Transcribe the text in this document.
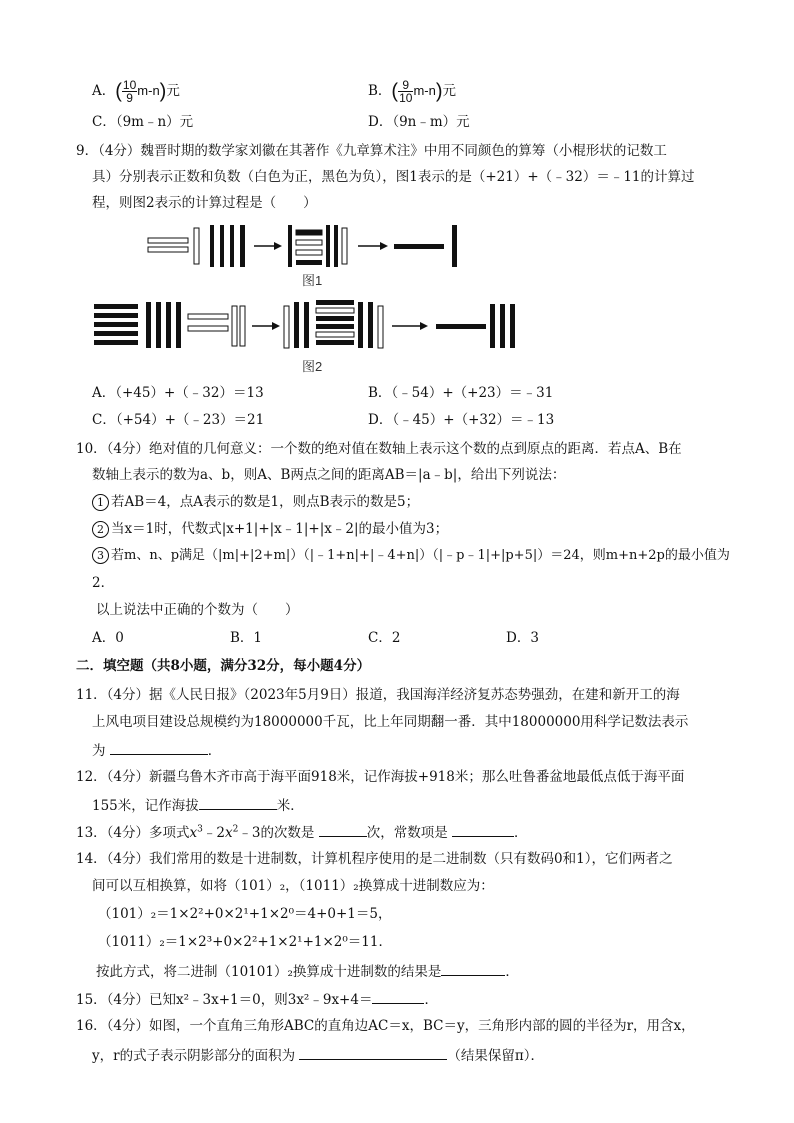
A．( $\frac{10}{9} m-n$)元	B．( $\frac{9}{10} m-n$)元
C．（9m﹣n）元	D．（9n﹣m）元
9．（4分）魏晋时期的数学家刘徽在其著作《九章算术注》中用不同颜色的算筹（小棍形状的记数工
具）分别表示正数和负数（白色为正，黑色为负），图1表示的是（+21）+（﹣32）＝﹣11的计算过
程，则图2表示的计算过程是（　　）
图1
图2
A．（+45）+（﹣32）＝13	B．（﹣54）+（+23）＝﹣31
C．（+54）+（﹣23）＝21	D．（﹣45）+（+32）＝﹣13
10．（4分）绝对值的几何意义：一个数的绝对值在数轴上表示这个数的点到原点的距离．若点A、B在
数轴上表示的数为a、b，则A、B两点之间的距离AB＝|a﹣b|，给出下列说法：
1 若AB＝4，点A表示的数是1，则点B表示的数是5；
2 当x＝1时，代数式|x+1|+|x﹣1|+|x﹣2|的最小值为3；
3 若m、n、p满足（|m|+|2+m|）（|﹣1+n|+|﹣4+n|）（|﹣p﹣1|+|p+5|）＝24，则m+n+2p的最小值为
2．
以上说法中正确的个数为（　　）
A．0	B．1	C．2	D．3
二．填空题（共8小题，满分32分，每小题4分）
11．（4分）据《人民日报》（2023年5月9日）报道，我国海洋经济复苏态势强劲，在建和新开工的海
上风电项目建设总规模约为18000000千瓦，比上年同期翻一番．其中18000000用科学记数法表示
为	．
12．（4分）新疆乌鲁木齐市高于海平面918米，记作海拔+918米；那么吐鲁番盆地最低点低于海平面
155米，记作海拔	米．
13．（4分）多项式$x^3﹣2x^2﹣3$的次数是	次，常数项是	．
14．（4分）我们常用的数是十进制数，计算机程序使用的是二进制数（只有数码0和1），它们两者之
间可以互相换算，如将（101）₂，（1011）₂换算成十进制数应为：
（101）₂＝1×2²+0×2¹+1×2⁰＝4+0+1＝5，
（1011）₂＝1×2³+0×2²+1×2¹+1×2⁰＝11．
按此方式，将二进制（10101）₂换算成十进制数的结果是	．
15．（4分）已知x²﹣3x+1＝0，则3x²﹣9x+4＝	．
16．（4分）如图，一个直角三角形ABC的直角边AC＝x，BC＝y，三角形内部的圆的半径为r，用含x，
y，r的式子表示阴影部分的面积为	（结果保留π）．
